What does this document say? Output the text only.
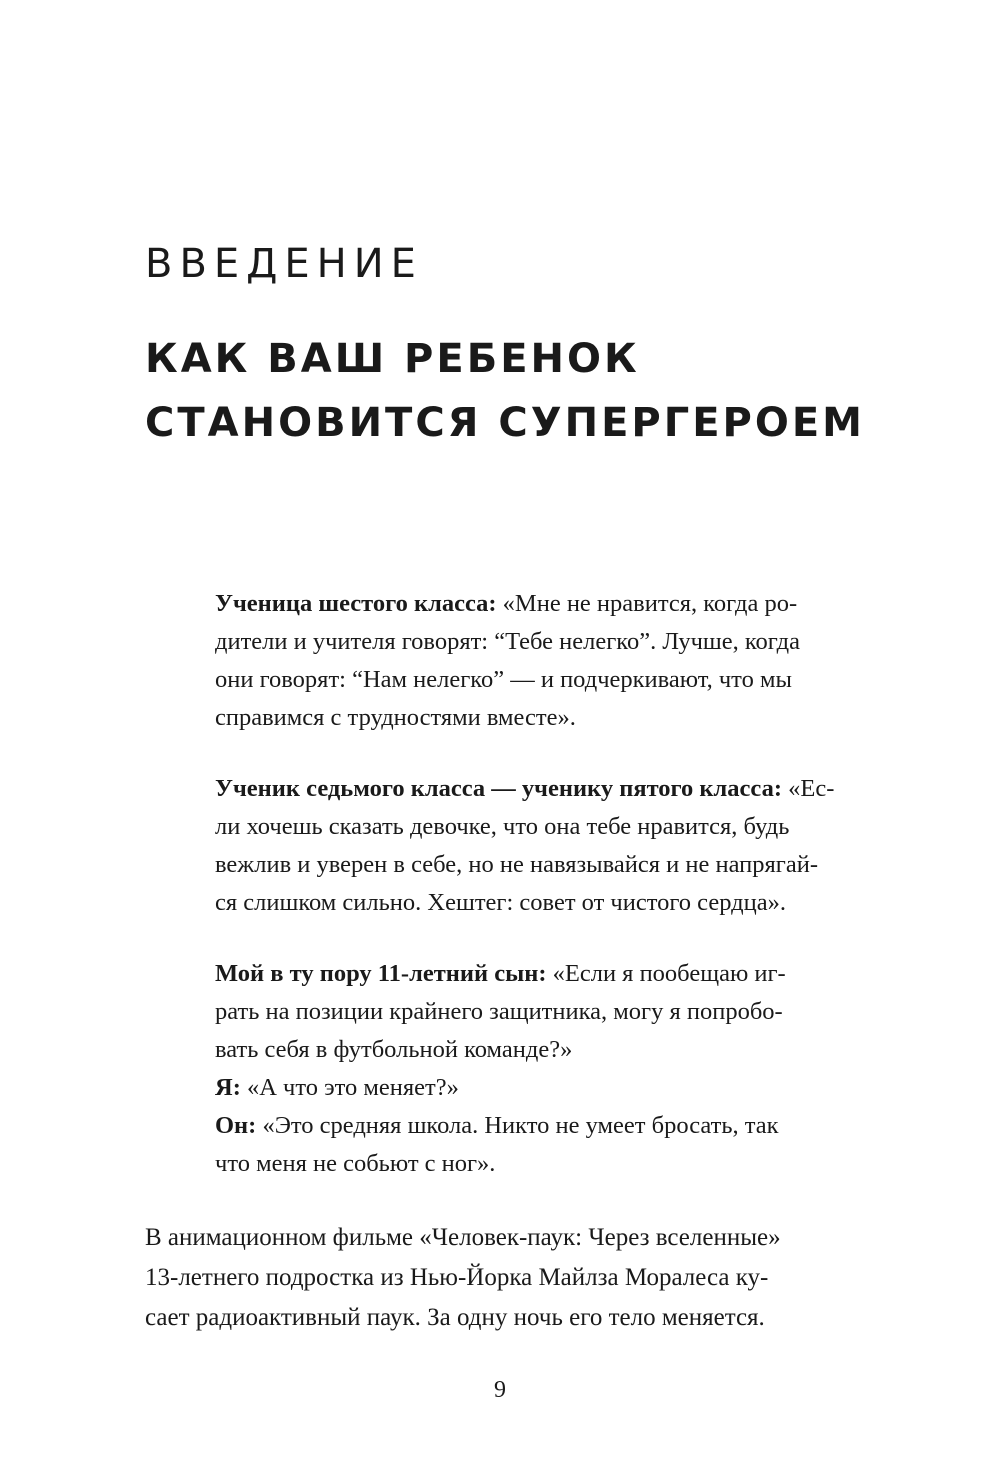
ВВЕДЕНИЕ
КАК ВАШ РЕБЕНОК
СТАНОВИТСЯ СУПЕРГЕРОЕМ
Ученица шестого класса: «Мне не нравится, когда ро-
дители и учителя говорят: “Тебе нелегко”. Лучше, когда
они говорят: “Нам нелегко” — и подчеркивают, что мы
справимся с трудностями вместе».
Ученик седьмого класса — ученику пятого класса: «Ес-
ли хочешь сказать девочке, что она тебе нравится, будь
вежлив и уверен в себе, но не навязывайся и не напрягай-
ся слишком сильно. Хештег: совет от чистого сердца».
Мой в ту пору 11-летний сын: «Если я пообещаю иг-
рать на позиции крайнего защитника, могу я попробо-
вать себя в футбольной команде?»
Я: «А что это меняет?»
Он: «Это средняя школа. Никто не умеет бросать, так
что меня не собьют с ног».
В анимационном фильме «Человек-паук: Через вселенные»
13-летнего подростка из Нью-Йорка Майлза Моралеса ку-
сает радиоактивный паук. За одну ночь его тело меняется.
9
